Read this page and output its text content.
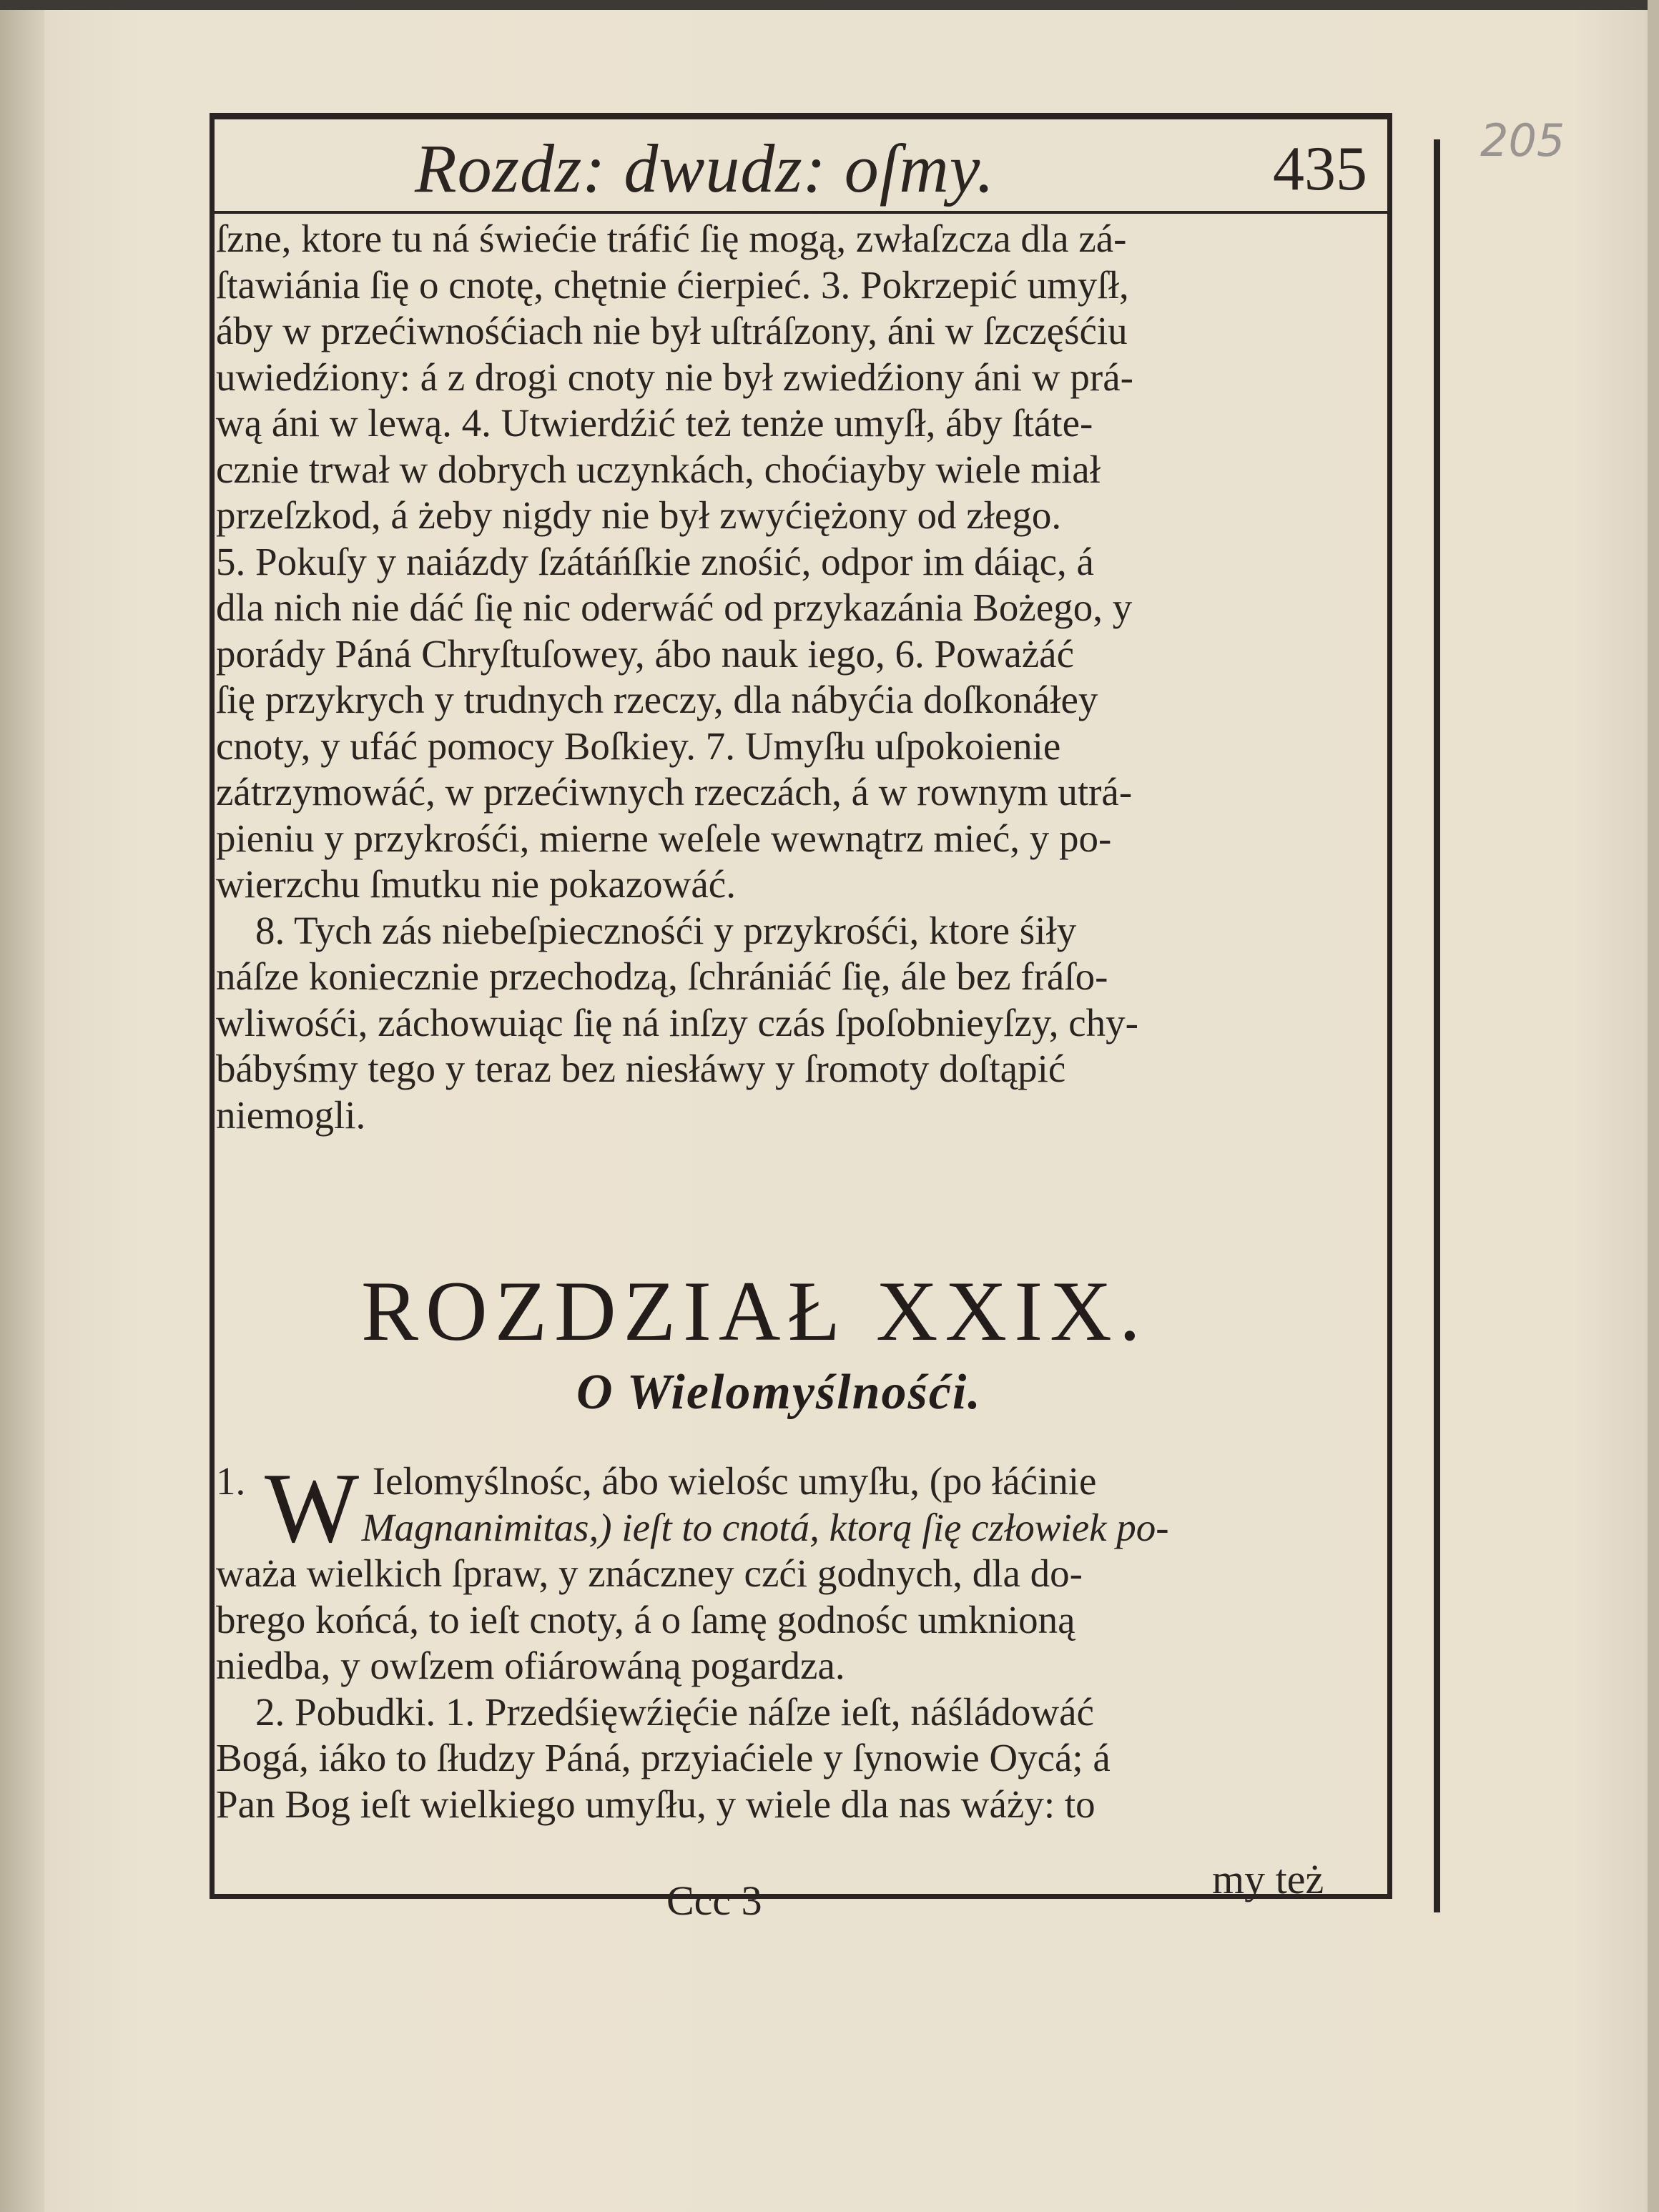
Rozdz: dwudz: oſmy.	435	205
ſzne, ktore tu ná świećie tráfić ſię mogą, zwłaſzcza dla zá-
ſtawiánia ſię o cnotę, chętnie ćierpieć. 3. Pokrzepić umyſł,
áby w przećiwnośćiach nie był uſtráſzony, áni w ſzczęśćiu
uwiedźiony: á z drogi cnoty nie był zwiedźiony áni w prá-
wą áni w lewą. 4. Utwierdźić też tenże umyſł, áby ſtáte-
cznie trwał w dobrych uczynkách, choćiayby wiele miał
przeſzkod, á żeby nigdy nie był zwyćiężony od złego.
5. Pokuſy y naiázdy ſzátáńſkie znośić, odpor im dáiąc, á
dla nich nie dáć ſię nic oderwáć od przykazánia Bożego, y
porády Páná Chryſtuſowey, ábo nauk iego, 6. Poważáć
ſię przykrych y trudnych rzeczy, dla nábyćia doſkonáłey
cnoty, y ufáć pomocy Boſkiey. 7. Umyſłu uſpokoienie
zátrzymowáć, w przećiwnych rzeczách, á w rownym utrá-
pieniu y przykrośći, mierne weſele wewnątrz mieć, y po-
wierzchu ſmutku nie pokazowáć.
8. Tych zás niebeſpiecznośći y przykrośći, ktore śiły
náſze koniecznie przechodzą, ſchrániáć ſię, ále bez fráſo-
wliwośći, záchowuiąc ſię ná inſzy czás ſpoſobnieyſzy, chy-
bábyśmy tego y teraz bez niesłáwy y ſromoty doſtąpić
niemogli.
ROZDZIAŁ XXIX.
O Wielomyślnośći.
1.	Ielomyślnośc, ábo wielośc umyſłu, (po łáćinie
Magnanimitas,) ieſt to cnotá, ktorą ſię człowiek po-
waża wielkich ſpraw, y znáczney czći godnych, dla do-
brego końcá, to ieſt cnoty, á o ſamę godnośc umknioną
niedba, y owſzem ofiárowáną pogardza.
2. Pobudki. 1. Przedśięwźięćie náſze ieſt, náśládowáć
Bogá, iáko to ſłudzy Páná, przyiaćiele y ſynowie Oycá; á
Pan Bog ieſt wielkiego umyſłu, y wiele dla nas wáży: to
W
my też
Ccc 3
